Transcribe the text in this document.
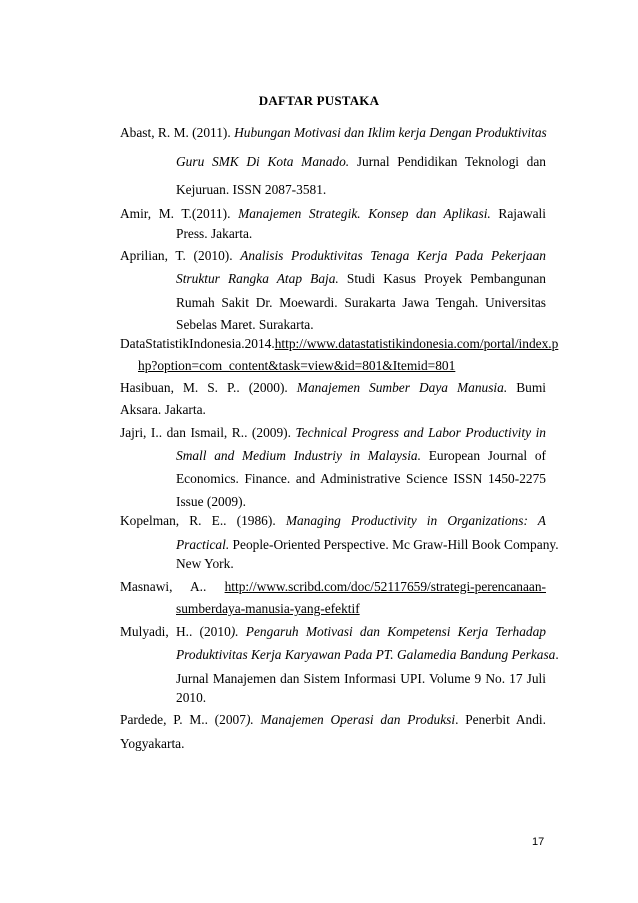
DAFTAR PUSTAKA
Abast, R. M. (2011). Hubungan Motivasi dan Iklim kerja Dengan Produktivitas
Guru SMK Di Kota Manado. Jurnal Pendidikan Teknologi dan
Kejuruan. ISSN 2087-3581.
Amir, M. T.(2011). Manajemen Strategik. Konsep dan Aplikasi. Rajawali
Press. Jakarta.
Aprilian, T. (2010). Analisis Produktivitas Tenaga Kerja Pada Pekerjaan
Struktur Rangka Atap Baja. Studi Kasus Proyek Pembangunan
Rumah Sakit Dr. Moewardi. Surakarta Jawa Tengah. Universitas
Sebelas Maret. Surakarta.
DataStatistikIndonesia.2014.http://www.datastatistikindonesia.com/portal/index.p
hp?option=com_content&task=view&id=801&Itemid=801
Hasibuan, M. S. P.. (2000). Manajemen Sumber Daya Manusia. Bumi
Aksara. Jakarta.
Jajri, I.. dan Ismail, R.. (2009). Technical Progress and Labor Productivity in
Small and Medium Industriy in Malaysia. European Journal of
Economics. Finance. and Administrative Science ISSN 1450-2275
Issue (2009).
Kopelman, R. E.. (1986). Managing Productivity in Organizations: A
Practical. People-Oriented Perspective. Mc Graw-Hill Book Company.
New York.
Masnawi, A.. http://www.scribd.com/doc/52117659/strategi-perencanaan-
sumberdaya-manusia-yang-efektif
Mulyadi, H.. (2010). Pengaruh Motivasi dan Kompetensi Kerja Terhadap
Produktivitas Kerja Karyawan Pada PT. Galamedia Bandung Perkasa.
Jurnal Manajemen dan Sistem Informasi UPI. Volume 9 No. 17 Juli
2010.
Pardede, P. M.. (2007). Manajemen Operasi dan Produksi. Penerbit Andi.
Yogyakarta.
17
